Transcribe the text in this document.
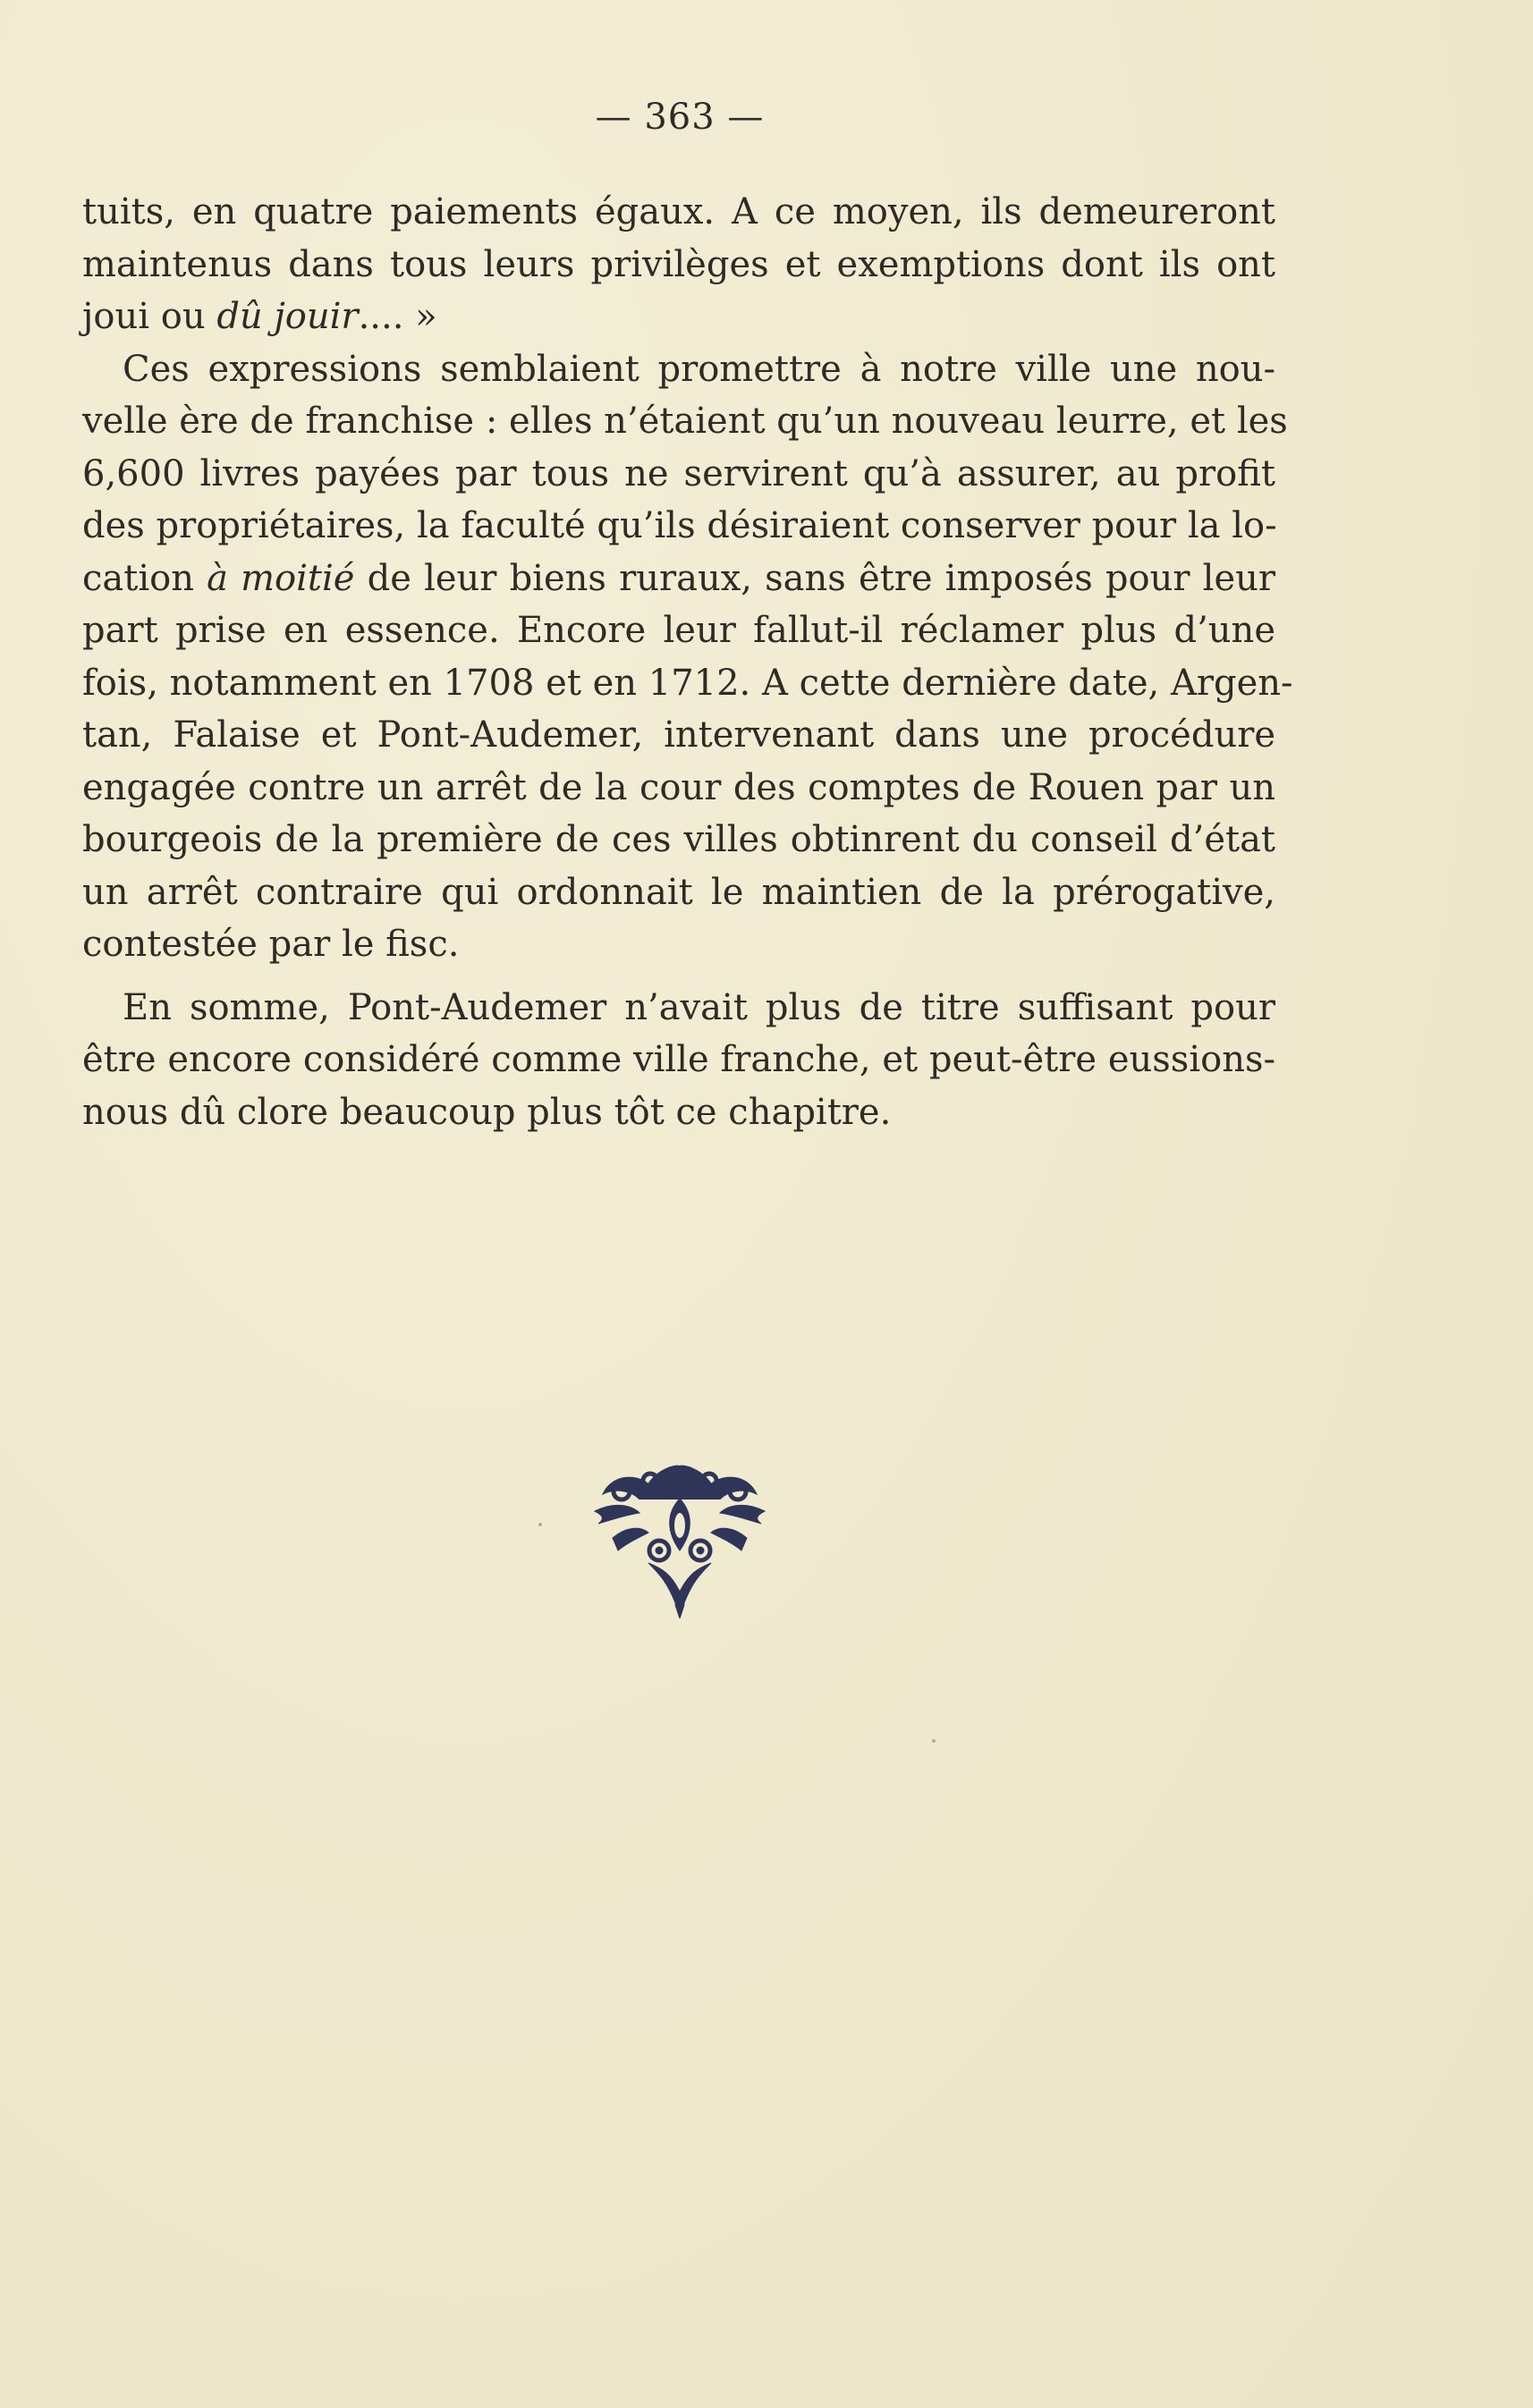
— 363 —
tuits, en quatre paiements égaux. A ce moyen, ils demeureront
maintenus dans tous leurs privilèges et exemptions dont ils ont
joui ou dû jouir.... »
Ces expressions semblaient promettre à notre ville une nou-
velle ère de franchise : elles n’étaient qu’un nouveau leurre, et les
6,600 livres payées par tous ne servirent qu’à assurer, au profit
des propriétaires, la faculté qu’ils désiraient conserver pour la lo-
cation à moitié de leur biens ruraux, sans être imposés pour leur
part prise en essence. Encore leur fallut-il réclamer plus d’une
fois, notamment en 1708 et en 1712. A cette dernière date, Argen-
tan, Falaise et Pont-Audemer, intervenant dans une procédure
engagée contre un arrêt de la cour des comptes de Rouen par un
bourgeois de la première de ces villes obtinrent du conseil d’état
un arrêt contraire qui ordonnait le maintien de la prérogative,
contestée par le fisc.
En somme, Pont-Audemer n’avait plus de titre suffisant pour
être encore considéré comme ville franche, et peut-être eussions-
nous dû clore beaucoup plus tôt ce chapitre.
